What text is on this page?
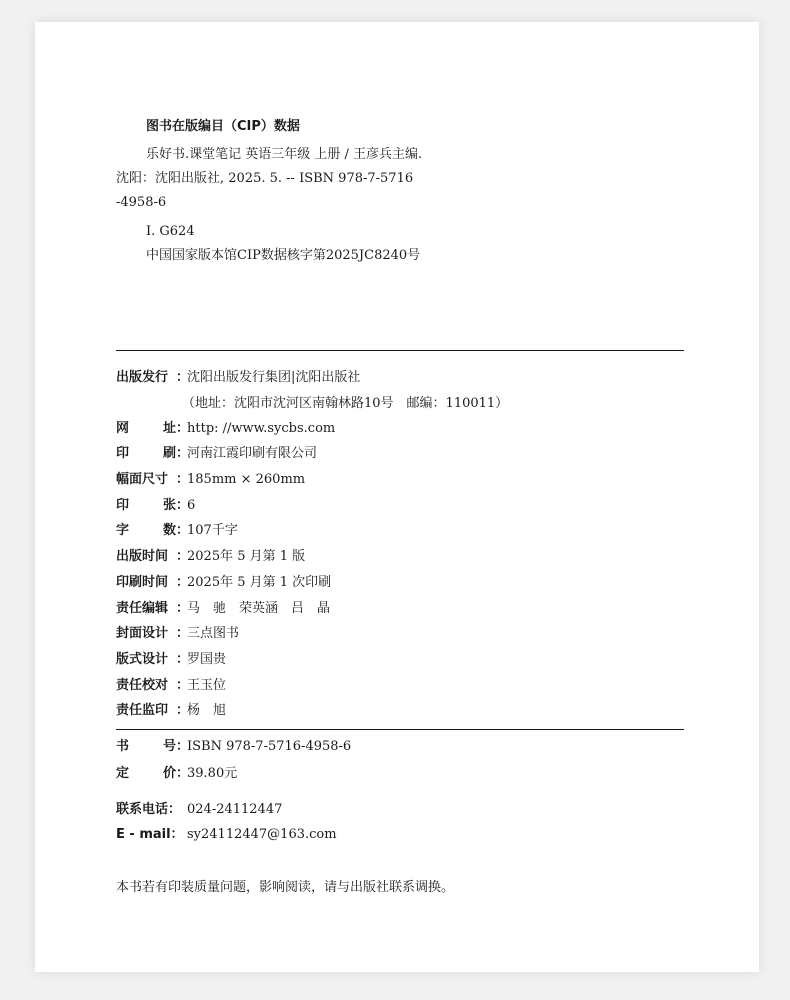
图书在版编目（CIP）数据
乐好书.课堂笔记 英语三年级 上册 / 王彦兵主编.
沈阳：沈阳出版社, 2025. 5. -- ISBN 978-7-5716
-4958-6
Ⅰ. G624
中国国家版本馆CIP数据核字第2025JC8240号
出版发行 ：
沈阳出版发行集团|沈阳出版社
（地址：沈阳市沈河区南翰林路10号　邮编：110011）
网	址 ：
http: //www.sycbs.com
印	刷 ：
河南江霞印刷有限公司
幅面尺寸 ：
185mm × 260mm
印	张 ：
6
字	数 ：
107千字
出版时间 ：
2025年 5 月第 1 版
印刷时间 ：
2025年 5 月第 1 次印刷
责任编辑 ：
马　驰　荣英涵　吕　晶
封面设计 ：
三点图书
版式设计 ：
罗国贵
责任校对 ：
王玉位
责任监印 ：
杨　旭
书	号 ：
ISBN 978-7-5716-4958-6
定	价 ：
39.80元
联系电话： 024-24112447
E - mail： sy24112447@163.com
本书若有印装质量问题，影响阅读，请与出版社联系调换。
